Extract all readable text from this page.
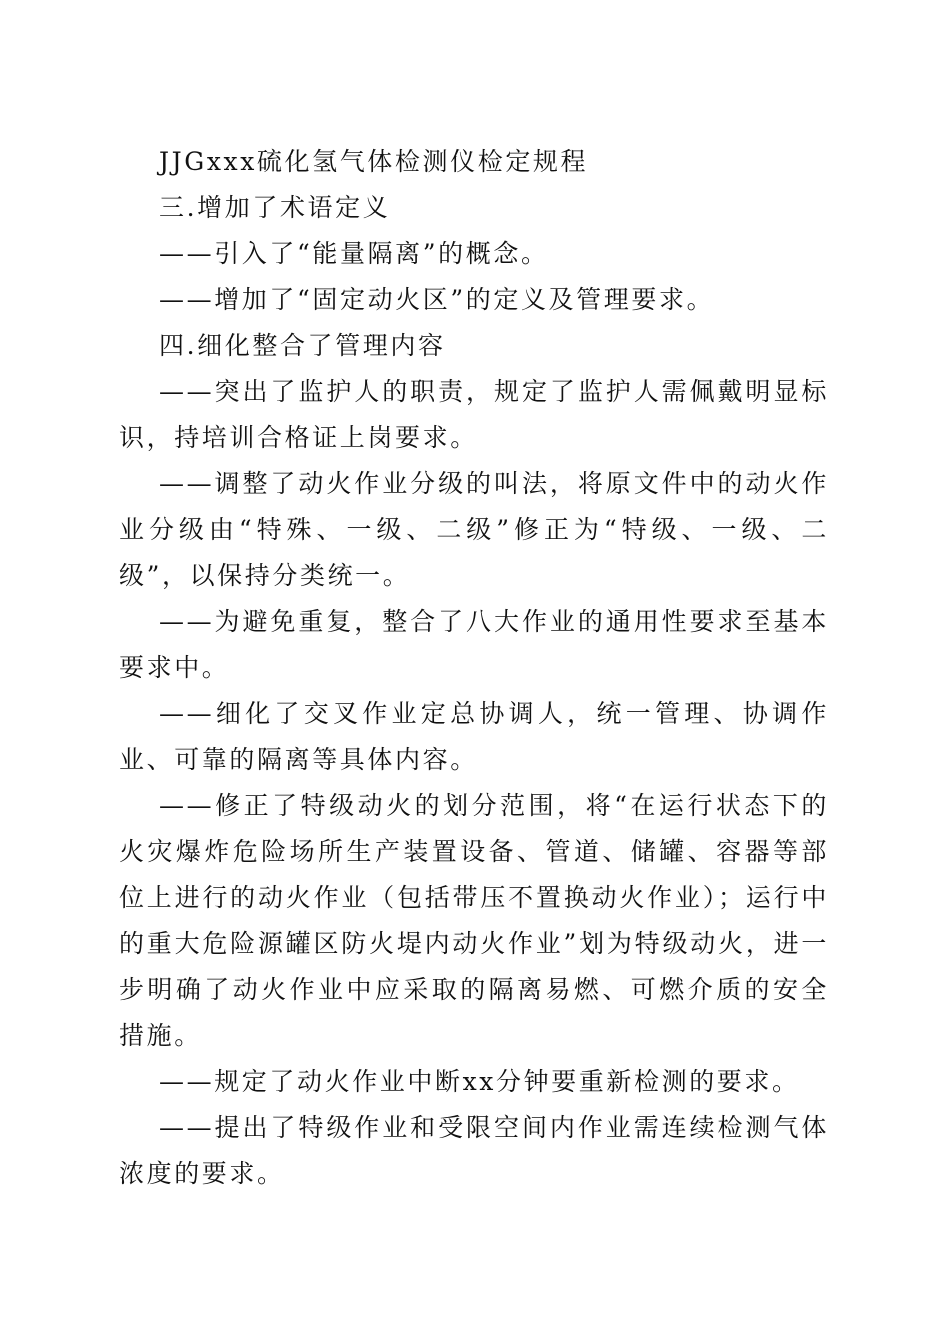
JJGxxx硫化氢气体检测仪检定规程

三.增加了术语定义

——引入了“能量隔离”的概念。

——增加了“固定动火区”的定义及管理要求。

四.细化整合了管理内容

——突出了监护人的职责，规定了监护人需佩戴明显标识，持培训合格证上岗要求。

——调整了动火作业分级的叫法，将原文件中的动火作业分级由“特殊、一级、二级”修正为“特级、一级、二级”，以保持分类统一。

——为避免重复，整合了八大作业的通用性要求至基本要求中。

——细化了交叉作业定总协调人，统一管理、协调作业、可靠的隔离等具体内容。

——修正了特级动火的划分范围，将“在运行状态下的火灾爆炸危险场所生产装置设备、管道、储罐、容器等部位上进行的动火作业（包括带压不置换动火作业）；运行中的重大危险源罐区防火堤内动火作业”划为特级动火，进一步明确了动火作业中应采取的隔离易燃、可燃介质的安全措施。

——规定了动火作业中断xx分钟要重新检测的要求。

——提出了特级作业和受限空间内作业需连续检测气体浓度的要求。
